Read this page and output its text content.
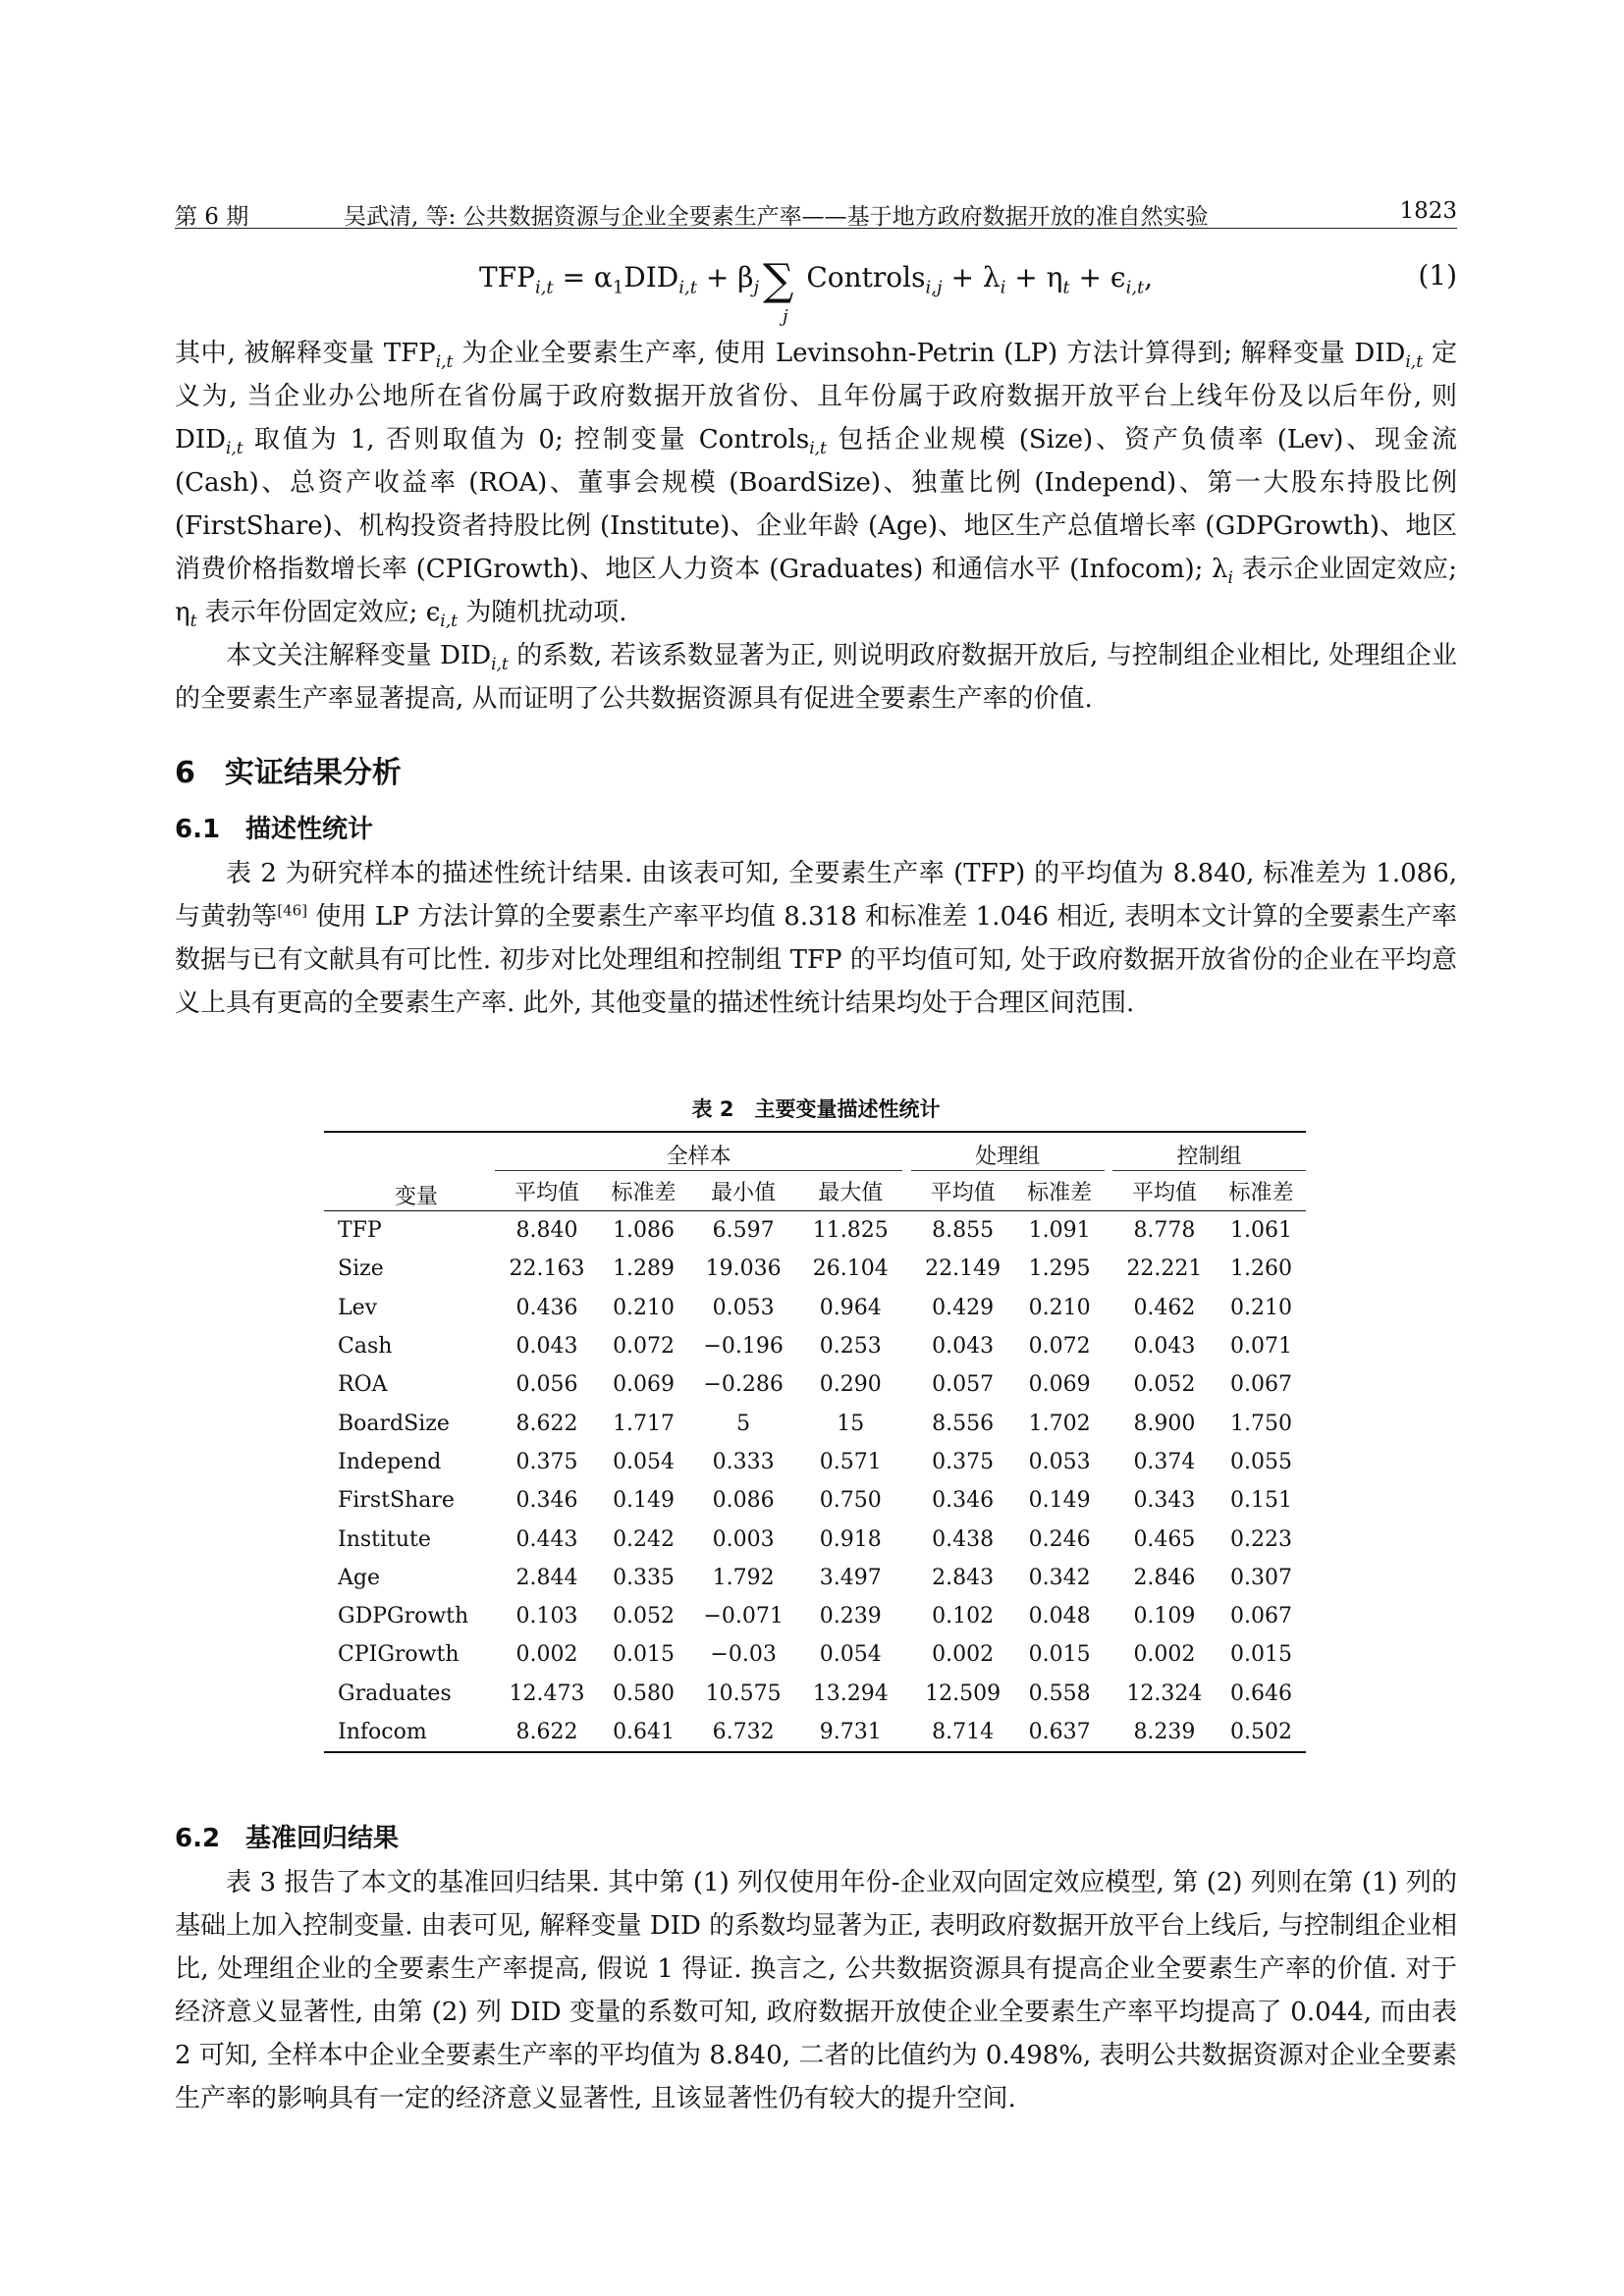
第 6 期	吴武清, 等: 公共数据资源与企业全要素生产率——基于地方政府数据开放的准自然实验	1823
$TFP_{i,t} = \alpha_1DID_{i,t} + \beta_j\sum$
j
Controls$_{i,j}$ + $\lambda_i + \eta_t + \epsilon_{i,t}$,	(1)

其中, 被解释变量 $TFP_{i,t}$ 为企业全要素生产率, 使用 Levinsohn-Petrin (LP) 方法计算得到; 解释变量 $DID_{i,t}$ 定义为, 当企业办公地所在省份属于政府数据开放省份、且年份属于政府数据开放平台上线年份及以后年份, 则 $DID_{i,t}$ 取值为 1, 否则取值为 0; 控制变量 Controls$_{i,t}$ 包括企业规模 (Size)、资产负债率 (Lev)、现金流 (Cash)、总资产收益率 (ROA)、董事会规模 (BoardSize)、独董比例 (Independ)、第一大股东持股比例 (FirstShare)、机构投资者持股比例 (Institute)、企业年龄 (Age)、地区生产总值增长率 (GDPGrowth)、地区消费价格指数增长率 (CPIGrowth)、地区人力资本 (Graduates) 和通信水平 (Infocom); $\lambda_i$ 表示企业固定效应; $\eta_t$ 表示年份固定效应; $\epsilon_{i,t}$ 为随机扰动项.

本文关注解释变量 $DID_{i,t}$ 的系数, 若该系数显著为正, 则说明政府数据开放后, 与控制组企业相比, 处理组企业的全要素生产率显著提高, 从而证明了公共数据资源具有促进全要素生产率的价值.

6　实证结果分析
6.1　描述性统计

表 2 为研究样本的描述性统计结果. 由该表可知, 全要素生产率 (TFP) 的平均值为 8.840, 标准差为 1.086, 与黄勃等[46] 使用 LP 方法计算的全要素生产率平均值 8.318 和标准差 1.046 相近, 表明本文计算的全要素生产率数据与已有文献具有可比性. 初步对比处理组和控制组 TFP 的平均值可知, 处于政府数据开放省份的企业在平均意义上具有更高的全要素生产率. 此外, 其他变量的描述性统计结果均处于合理区间范围.

表 2　主要变量描述性统计
变量	全样本					处理组			控制组	
	平均值	标准差	最小值	最大值		平均值	标准差		平均值	标准差
TFP	8.840	1.086	6.597	11.825		8.855	1.091		8.778	1.061
Size	22.163	1.289	19.036	26.104		22.149	1.295		22.221	1.260
Lev	0.436	0.210	0.053	0.964		0.429	0.210		0.462	0.210
Cash	0.043	0.072	−0.196	0.253		0.043	0.072		0.043	0.071
ROA	0.056	0.069	−0.286	0.290		0.057	0.069		0.052	0.067
BoardSize	8.622	1.717	5	15		8.556	1.702		8.900	1.750
Independ	0.375	0.054	0.333	0.571		0.375	0.053		0.374	0.055
FirstShare	0.346	0.149	0.086	0.750		0.346	0.149		0.343	0.151
Institute	0.443	0.242	0.003	0.918		0.438	0.246		0.465	0.223
Age	2.844	0.335	1.792	3.497		2.843	0.342		2.846	0.307
GDPGrowth	0.103	0.052	−0.071	0.239		0.102	0.048		0.109	0.067
CPIGrowth	0.002	0.015	−0.03	0.054		0.002	0.015		0.002	0.015
Graduates	12.473	0.580	10.575	13.294		12.509	0.558		12.324	0.646
Infocom	8.622	0.641	6.732	9.731		8.714	0.637		8.239	0.502
6.2　基准回归结果

表 3 报告了本文的基准回归结果. 其中第 (1) 列仅使用年份-企业双向固定效应模型, 第 (2) 列则在第 (1) 列的基础上加入控制变量. 由表可见, 解释变量 DID 的系数均显著为正, 表明政府数据开放平台上线后, 与控制组企业相比, 处理组企业的全要素生产率提高, 假说 1 得证. 换言之, 公共数据资源具有提高企业全要素生产率的价值. 对于经济意义显著性, 由第 (2) 列 DID 变量的系数可知, 政府数据开放使企业全要素生产率平均提高了 0.044, 而由表 2 可知, 全样本中企业全要素生产率的平均值为 8.840, 二者的比值约为 0.498%, 表明公共数据资源对企业全要素生产率的影响具有一定的经济意义显著性, 且该显著性仍有较大的提升空间.
